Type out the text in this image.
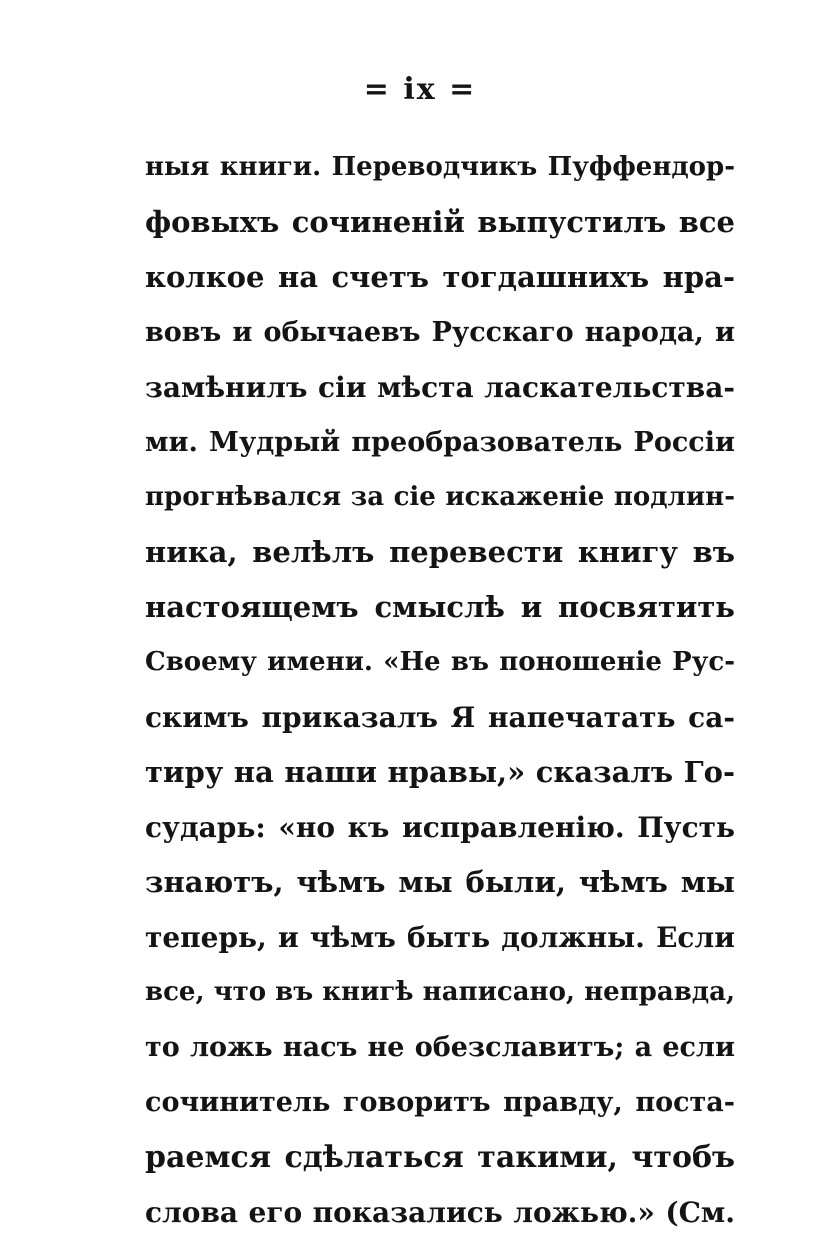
= ix =
ныя книги. Переводчикъ Пуффендор-
фовыхъ сочиненій выпустилъ все
колкое на счетъ тогдашнихъ нра-
вовъ и обычаевъ Русскаго народа, и
замѣнилъ сіи мѣста ласкательства-
ми. Мудрый преобразователь Россіи
прогнѣвался за сіе искаженіе подлин-
ника, велѣлъ перевести книгу въ
настоящемъ смыслѣ и посвятить
Своему имени. «Не въ поношеніе Рус-
скимъ приказалъ Я напечатать са-
тиру на наши нравы,» сказалъ Го-
сударь: «но къ исправленію. Пусть
знаютъ, чѣмъ мы были, чѣмъ мы
теперь, и чѣмъ быть должны. Если
все, что въ книгѣ написано, неправда,
то ложь насъ не обезславитъ; а если
сочинитель говоритъ правду, поста-
раемся сдѣлаться такими, чтобъ
слова его показались ложью.» (См.
